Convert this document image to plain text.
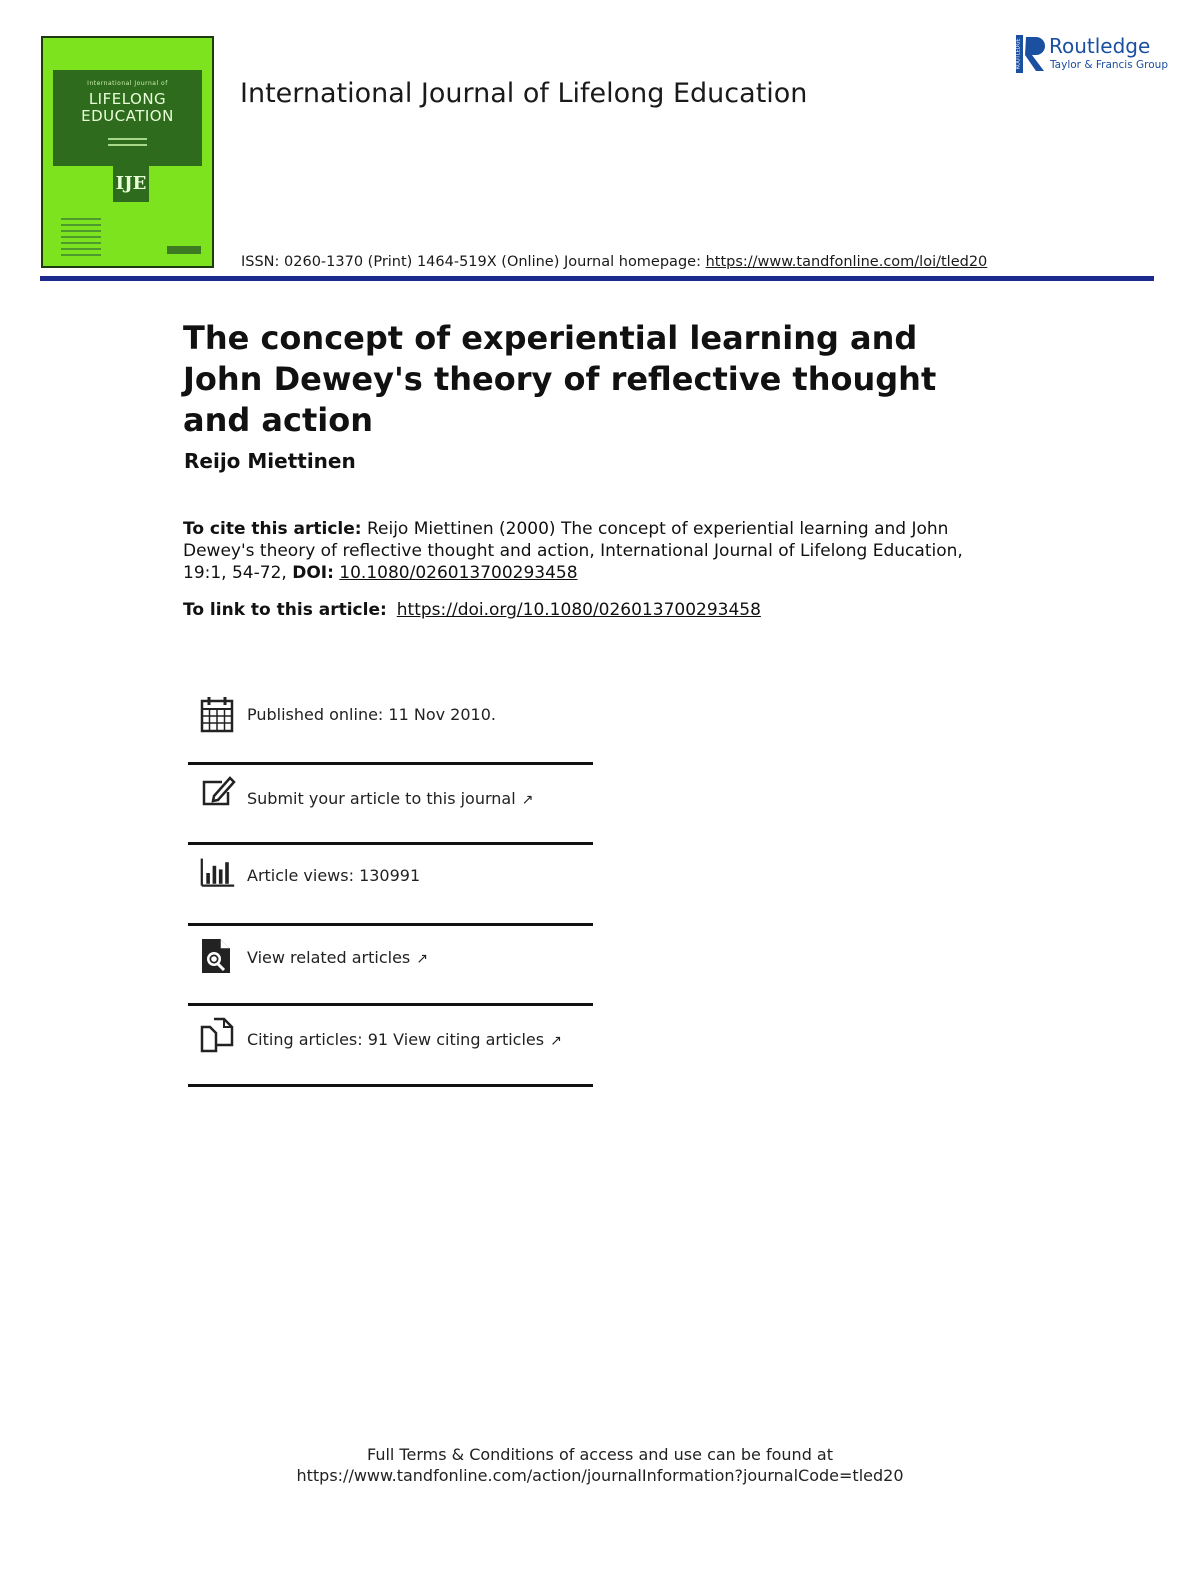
International Journal of
LIFELONG
EDUCATION
IJE
International Journal of Lifelong Education
ISSN: 0260-1370 (Print) 1464-519X (Online) Journal homepage: https://www.tandfonline.com/loi/tled20
ROUTLEDGE Routledge
Taylor & Francis Group
The concept of experiential learning and John Dewey's theory of reflective thought and action
Reijo Miettinen
To cite this article: Reijo Miettinen (2000) The concept of experiential learning and John Dewey's theory of reflective thought and action, International Journal of Lifelong Education, 19:1, 54-72, DOI: 10.1080/026013700293458
To link to this article: https://doi.org/10.1080/026013700293458
Published online: 11 Nov 2010.
Submit your article to this journal ↗
Article views: 130991
View related articles ↗
Citing articles: 91 View citing articles ↗
Full Terms & Conditions of access and use can be found at
https://www.tandfonline.com/action/journalInformation?journalCode=tled20
